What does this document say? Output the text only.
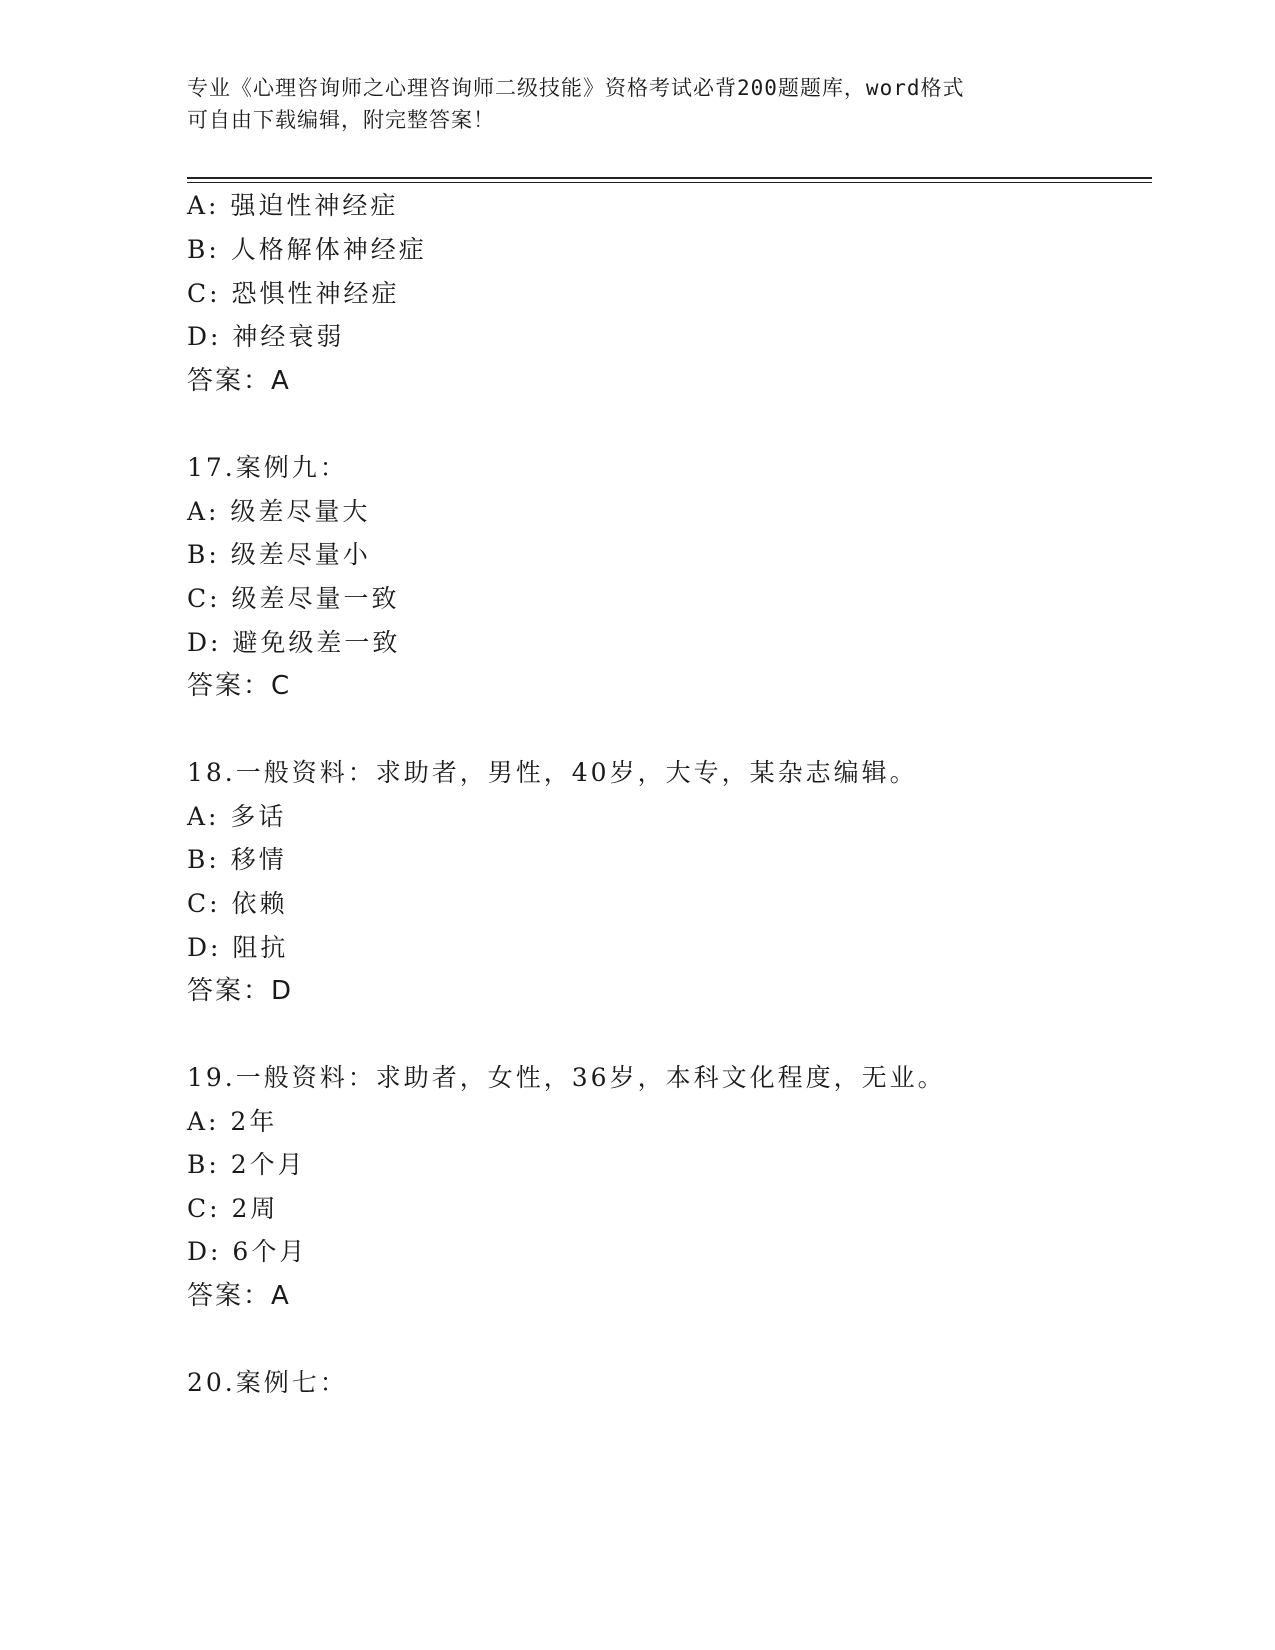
专业《心理咨询师之心理咨询师二级技能》资格考试必背200题题库，word格式
可自由下载编辑，附完整答案！
A: 强迫性神经症
B: 人格解体神经症
C: 恐惧性神经症
D: 神经衰弱
答案：A
17.案例九：
A: 级差尽量大
B: 级差尽量小
C: 级差尽量一致
D: 避免级差一致
答案：C
18.一般资料：求助者，男性，40岁，大专，某杂志编辑。
A: 多话
B: 移情
C: 依赖
D: 阻抗
答案：D
19.一般资料：求助者，女性，36岁，本科文化程度，无业。
A: 2年
B: 2个月
C: 2周
D: 6个月
答案：A
20.案例七：
